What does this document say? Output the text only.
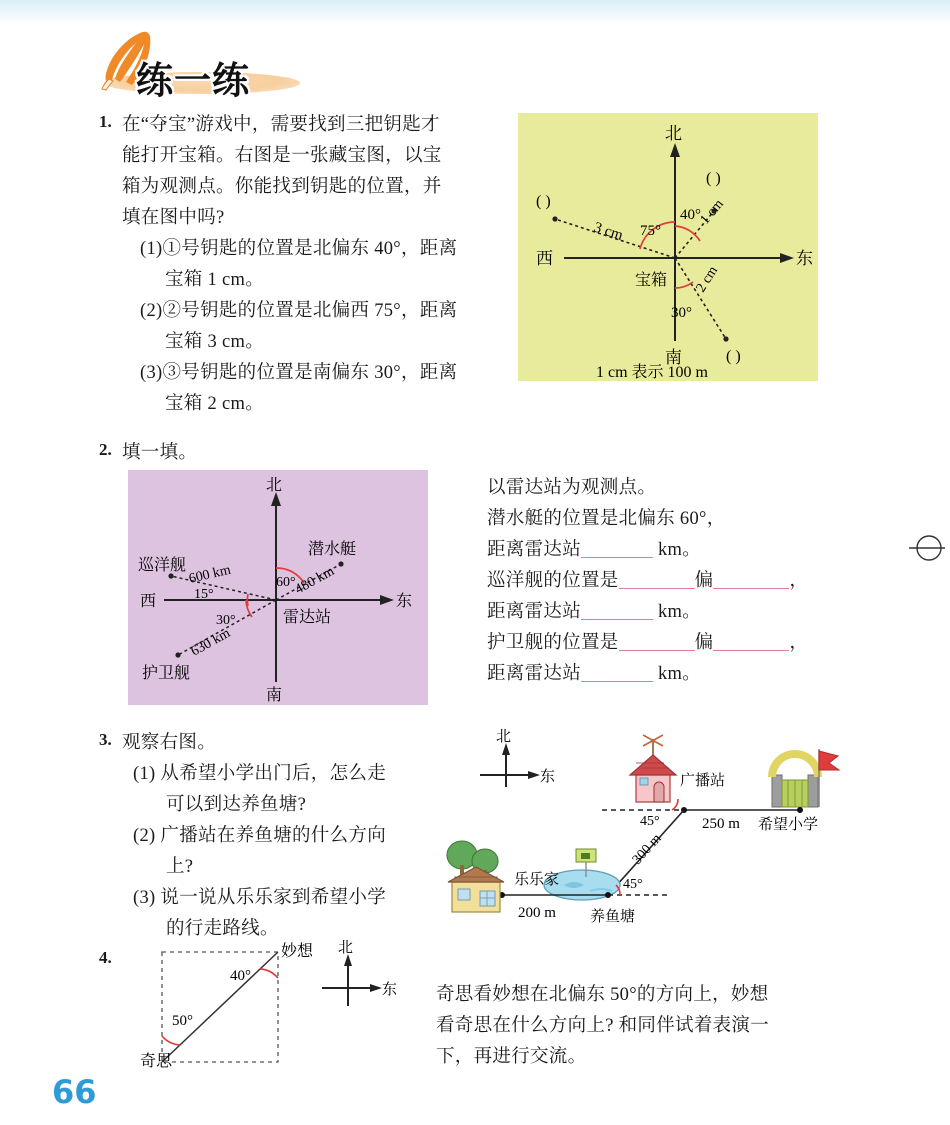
练一练
1. 在“夺宝”游戏中，需要找到三把钥匙才
能打开宝箱。右图是一张藏宝图，以宝
箱为观测点。你能找到钥匙的位置，并
填在图中吗?
(1)①号钥匙的位置是北偏东 40°，距离
宝箱 1 cm。
(2)②号钥匙的位置是北偏西 75°，距离
宝箱 3 cm。
(3)③号钥匙的位置是南偏东 30°，距离
宝箱 2 cm。
北
南
东
西
宝箱
40°
75°
30°
1 cm
3 cm
2 cm
( )
( )
( )
1 cm 表示 100 m
2. 填一填。
北
南
东
西
雷达站
潜水艇
巡洋舰
护卫舰
480 km
600 km
630 km
60°
15°
30°
以雷达站为观测点。
潜水艇的位置是北偏东 60°，
距离雷达站	km。
巡洋舰的位置是	偏	，
距离雷达站	km。
护卫舰的位置是	偏	，
距离雷达站	km。
3. 观察右图。
(1) 从希望小学出门后，怎么走
可以到达养鱼塘?
(2) 广播站在养鱼塘的什么方向
上?
(3) 说一说从乐乐家到希望小学
的行走路线。
北
东	广播站
希望小学
250 m
45°
300 m
养鱼塘
45°
乐乐家
200 m
4.
50°
40°
妙想
奇思
北
东 奇思看妙想在北偏东 50°的方向上，妙想
看奇思在什么方向上? 和同伴试着表演一
下，再进行交流。
66
